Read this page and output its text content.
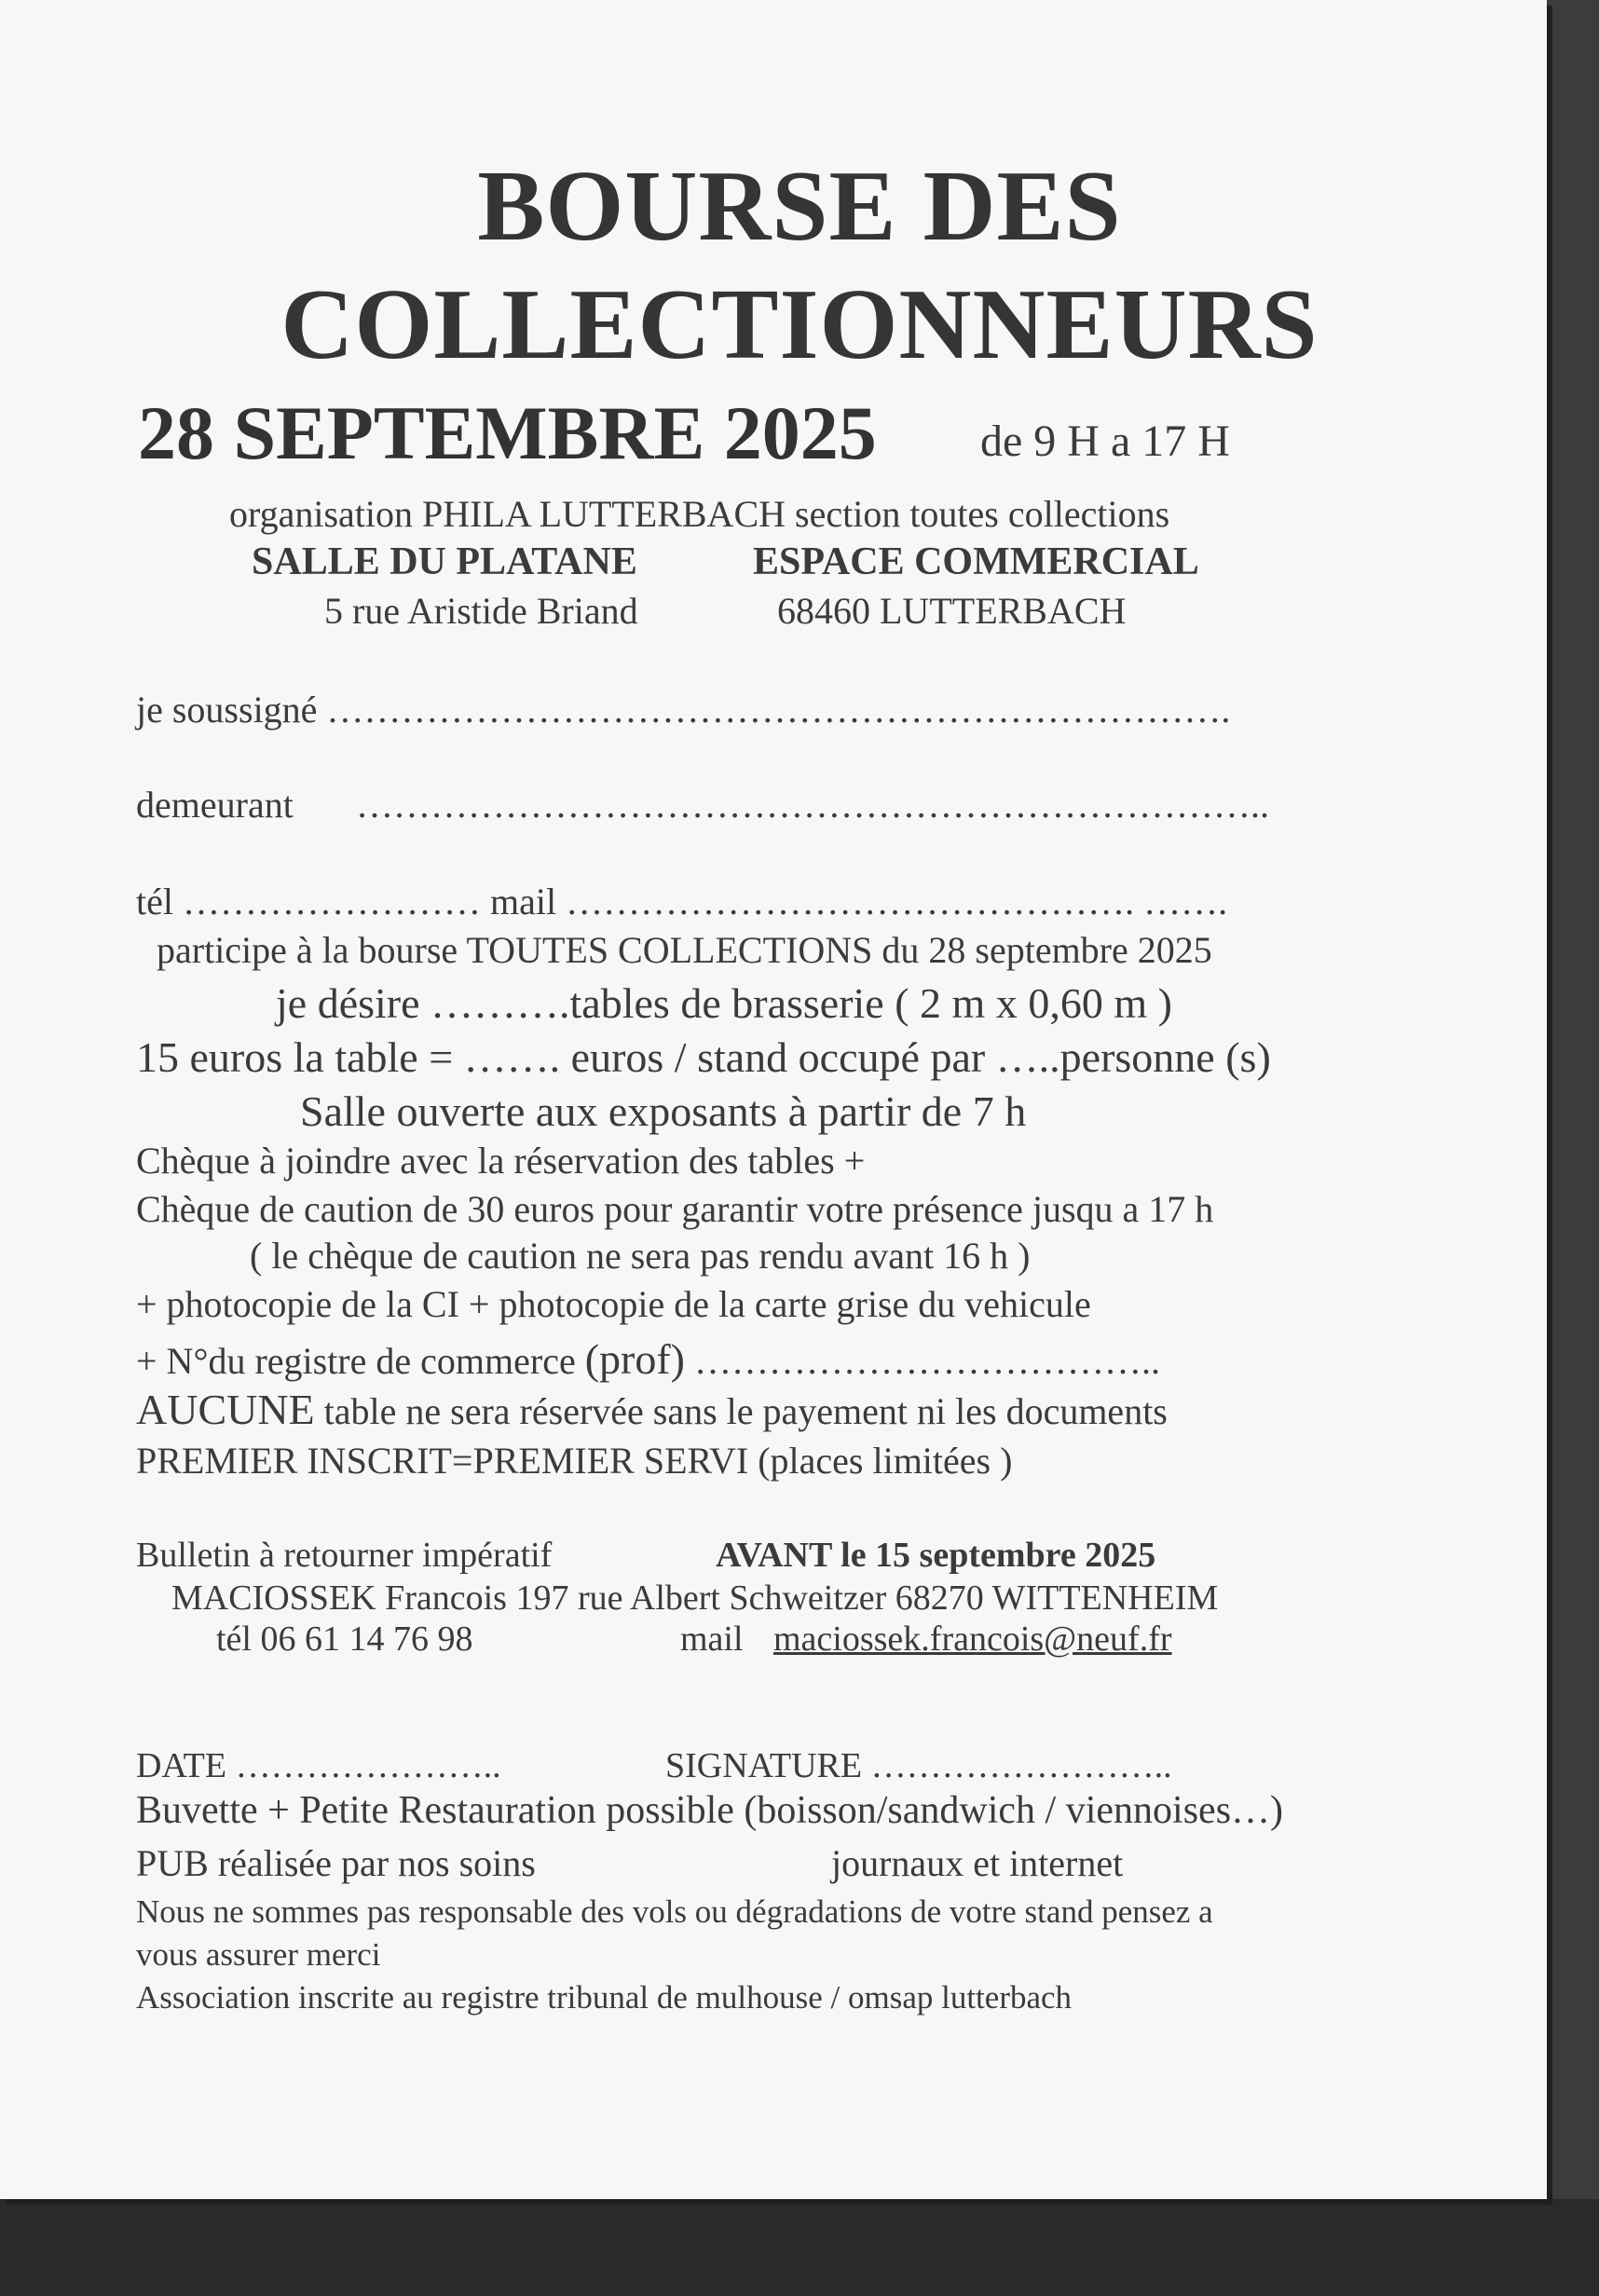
BOURSE DES
COLLECTIONNEURS
28 SEPTEMBRE 2025 de 9 H a 17 H
organisation PHILA LUTTERBACH section toutes collections
SALLE DU PLATANE	ESPACE COMMERCIAL
5 rue Aristide Briand	68460 LUTTERBACH
je soussigné ……………………………………………………………….
demeurant ………………………………………………………………..
tél …………………… mail ………………………………………. …….
participe à la bourse TOUTES COLLECTIONS du 28 septembre 2025
je désire ……….tables de brasserie ( 2 m x 0,60 m )
15 euros la table = ……. euros / stand occupé par …..personne (s)
Salle ouverte aux exposants à partir de 7 h
Chèque à joindre avec la réservation des tables +
Chèque de caution de 30 euros pour garantir votre présence jusqu a 17 h
( le chèque de caution ne sera pas rendu avant 16 h )
+ photocopie de la CI + photocopie de la carte grise du vehicule
+ N°du registre de commerce (prof) ………………………………..
AUCUNE table ne sera réservée sans le payement ni les documents
PREMIER INSCRIT=PREMIER SERVI (places limitées )
Bulletin à retourner impératif	AVANT le 15 septembre 2025
MACIOSSEK Francois 197 rue Albert Schweitzer 68270 WITTENHEIM
tél 06 61 14 76 98	mail maciossek.francois@neuf.fr
DATE …………………..	SIGNATURE ……………………..
Buvette + Petite Restauration possible (boisson/sandwich / viennoises…)
PUB réalisée par nos soins	journaux et internet
Nous ne sommes pas responsable des vols ou dégradations de votre stand pensez a
vous assurer merci
Association inscrite au registre tribunal de mulhouse / omsap lutterbach
